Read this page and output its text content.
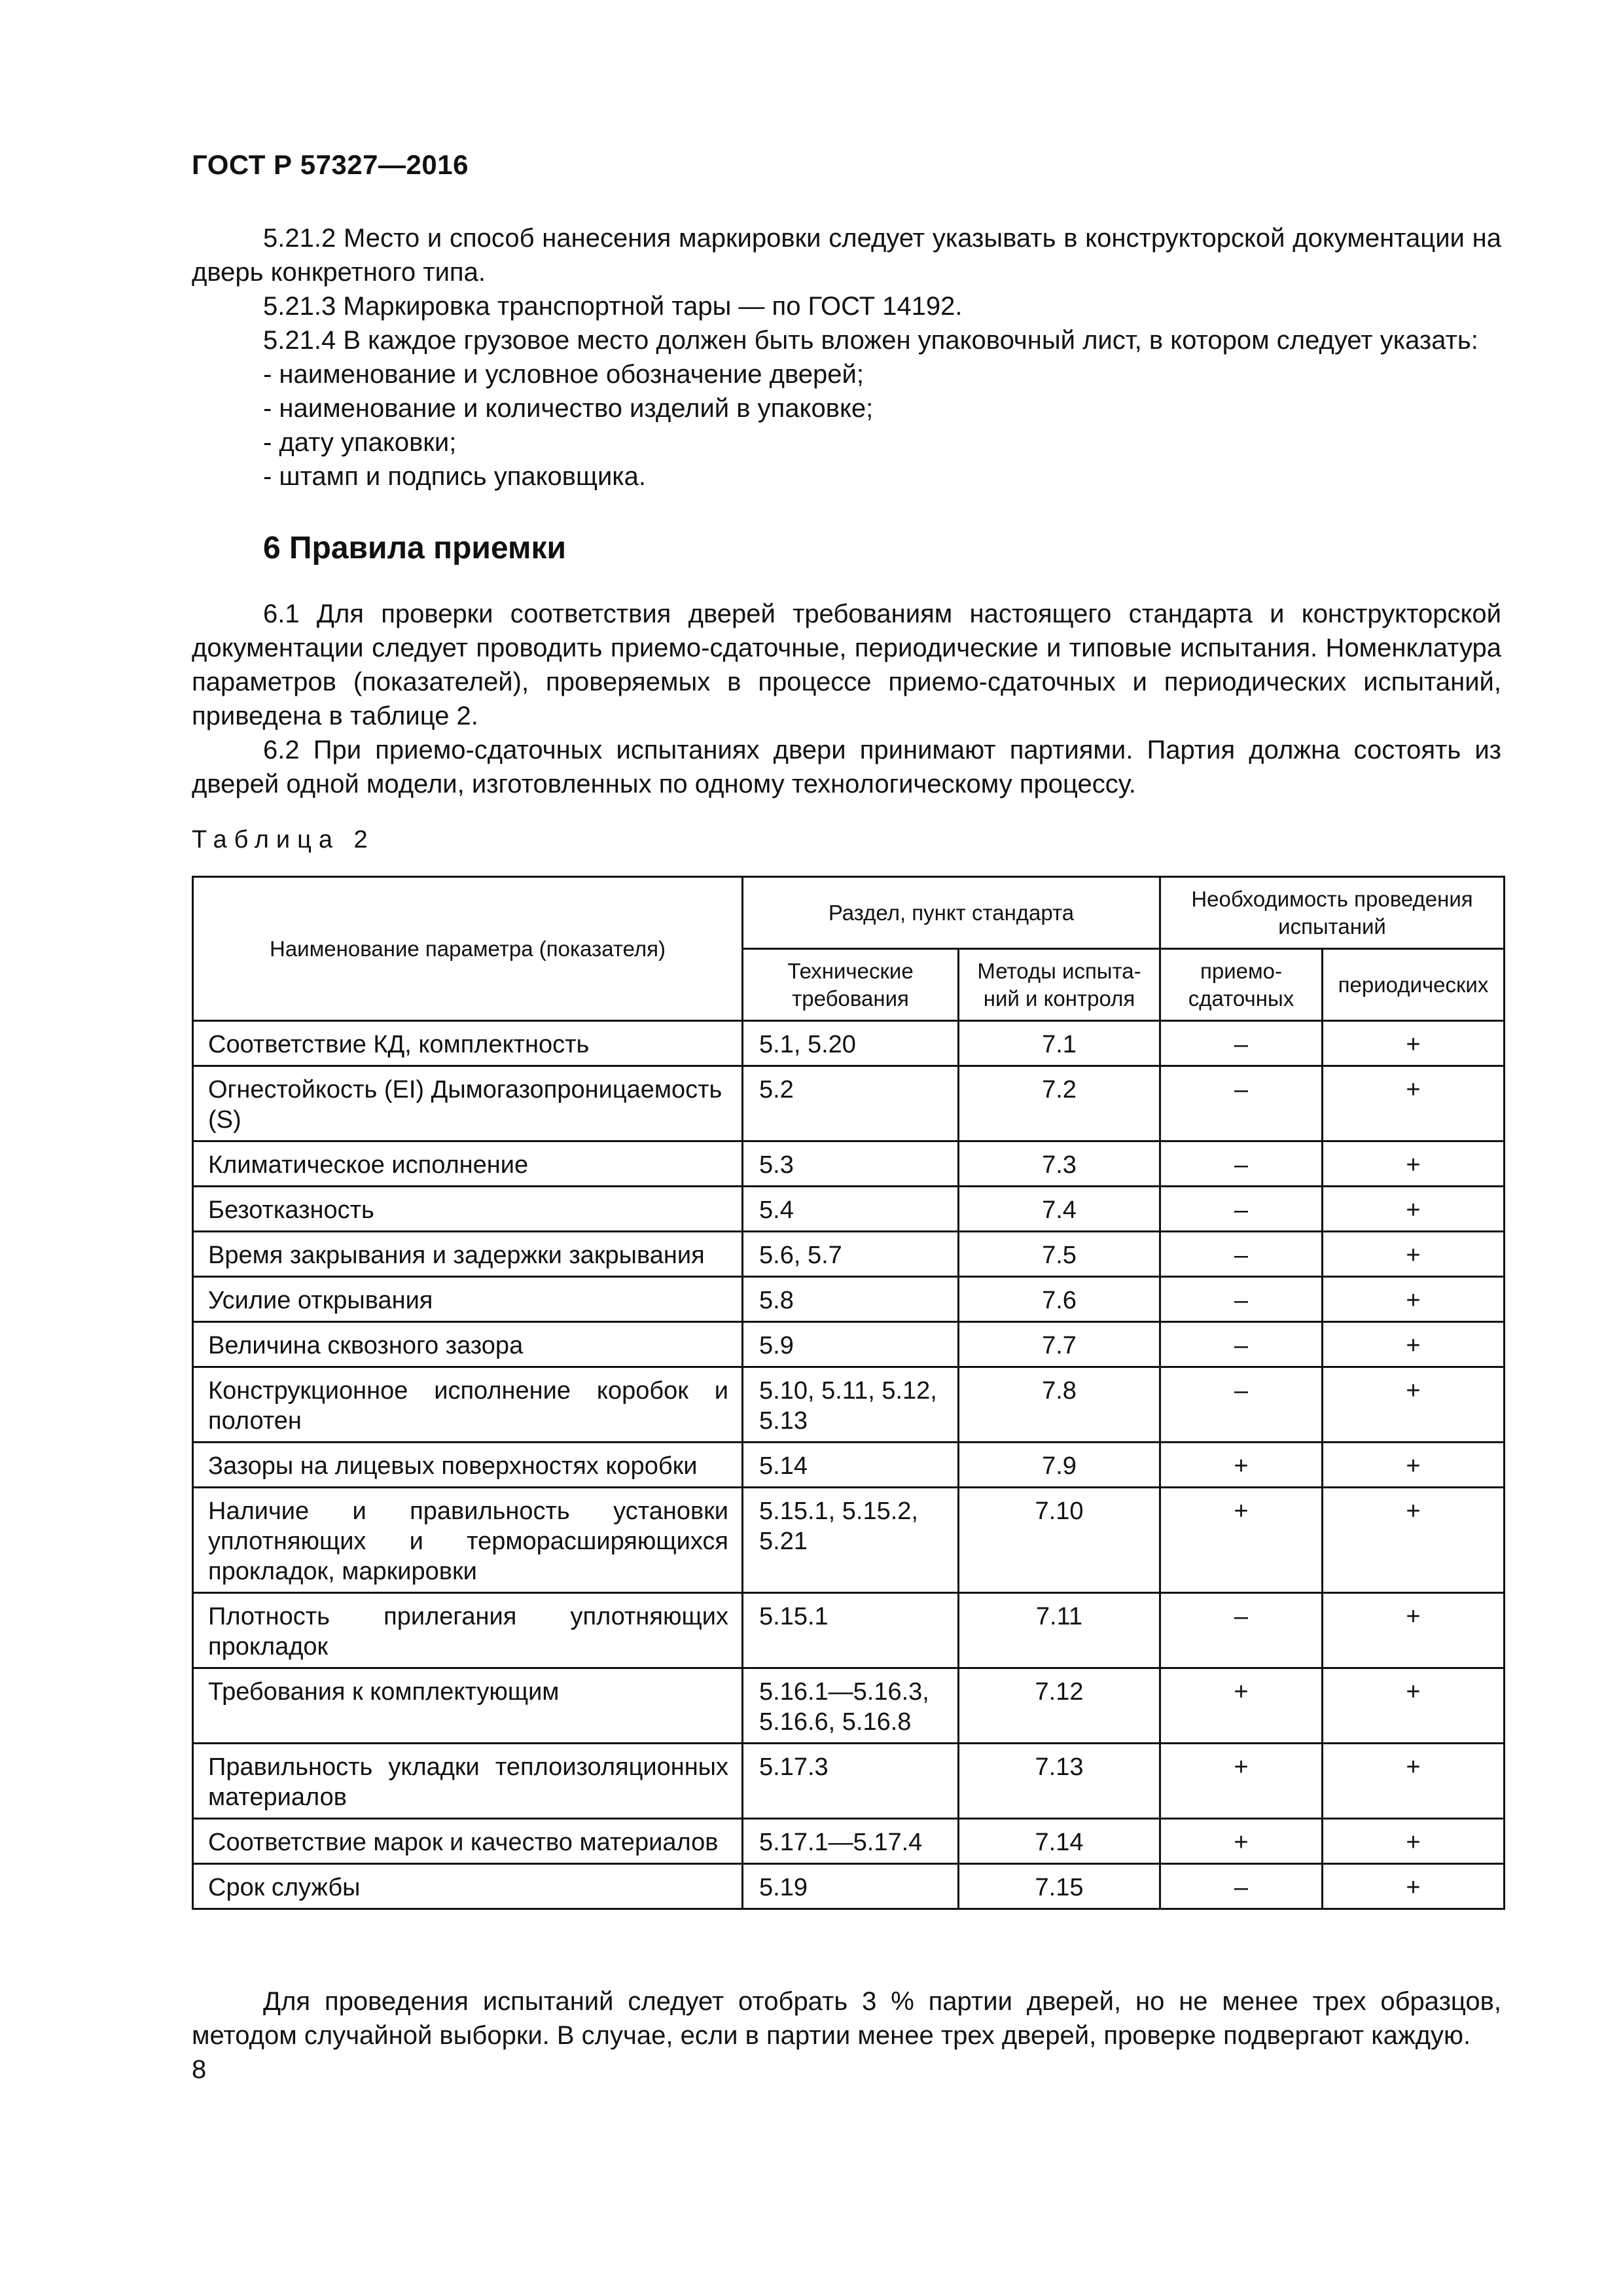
ГОСТ Р 57327—2016

5.21.2 Место и способ нанесения маркировки следует указывать в конструкторской документации на дверь конкретного типа.

5.21.3 Маркировка транспортной тары — по ГОСТ 14192.

5.21.4 В каждое грузовое место должен быть вложен упаковочный лист, в котором следует указать:

- наименование и условное обозначение дверей;

- наименование и количество изделий в упаковке;

- дату упаковки;

- штамп и подпись упаковщика.

6 Правила приемки

6.1 Для проверки соответствия дверей требованиям настоящего стандарта и конструкторской документации следует проводить приемо-сдаточные, периодические и типовые испытания. Номенклатура параметров (показателей), проверяемых в процессе приемо-сдаточных и периодических испытаний, приведена в таблице 2.

6.2 При приемо-сдаточных испытаниях двери принимают партиями. Партия должна состоять из дверей одной модели, изготовленных по одному технологическому процессу.

Таблица 2
Наименование параметра (показателя)	Раздел, пункт стандарта		Необходимость проведения испытаний	
	Технические требования	Методы испыта-ний и контроля	приемо-сдаточных	периодических
Соответствие КД, комплектность	5.1, 5.20	7.1	–	+
Огнестойкость (EI) Дымогазопроницаемость (S)	5.2	7.2	–	+
Климатическое исполнение	5.3	7.3	–	+
Безотказность	5.4	7.4	–	+
Время закрывания и задержки закрывания	5.6, 5.7	7.5	–	+
Усилие открывания	5.8	7.6	–	+
Величина сквозного зазора	5.9	7.7	–	+
Конструкционное исполнение коробок и полотен	5.10, 5.11, 5.12, 5.13	7.8	–	+
Зазоры на лицевых поверхностях коробки	5.14	7.9	+	+
Наличие и правильность установки уплотняющих и терморасширяющихся прокладок, маркировки	5.15.1, 5.15.2, 5.21	7.10	+	+
Плотность прилегания уплотняющих прокладок	5.15.1	7.11	–	+
Требования к комплектующим	5.16.1—5.16.3, 5.16.6, 5.16.8	7.12	+	+
Правильность укладки теплоизоляционных материалов	5.17.3	7.13	+	+
Соответствие марок и качество материалов	5.17.1—5.17.4	7.14	+	+
Срок службы	5.19	7.15	–	+

Для проведения испытаний следует отобрать 3 % партии дверей, но не менее трех образцов, методом случайной выборки. В случае, если в партии менее трех дверей, проверке подвергают каждую.

8
